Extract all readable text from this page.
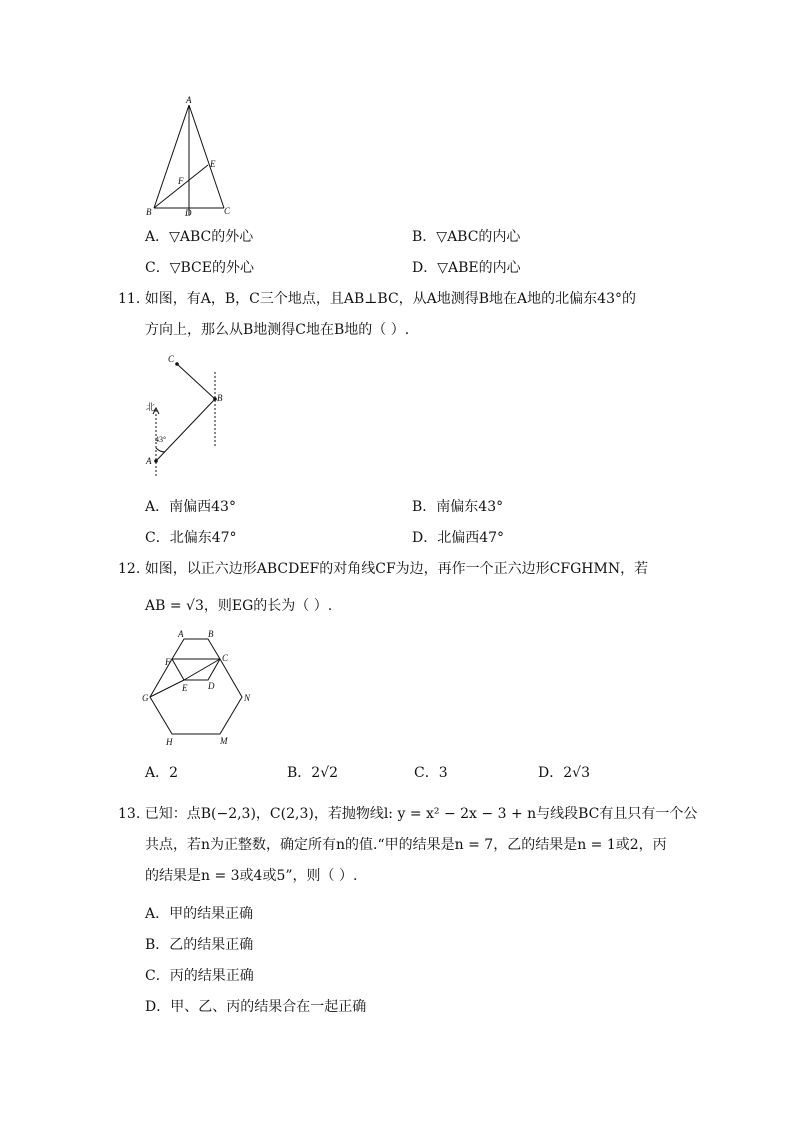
A
E
F
B	D	C
A．▽ABC的外心	B．▽ABC的内心
C．▽BCE的外心	D．▽ABE的内心
11. 如图，有A，B，C三个地点，且AB⊥BC，从A地测得B地在A地的北偏东43°的
方向上，那么从B地测得C地在B地的（ ）.
C
B
北
43°
A
A．南偏西43°	B．南偏东43°
C．北偏东47°	D．北偏西47°
12. 如图，以正六边形ABCDEF的对角线CF为边，再作一个正六边形CFGHMN，若
AB = √3，则EG的长为（ ）.
A	B
F	C
E D
G	N
H	M
A．2	B．2√2	C．3	D．2√3
13. 已知：点B(−2,3)，C(2,3)，若抛物线l: y = x² − 2x − 3 + n与线段BC有且只有一个公
共点，若n为正整数，确定所有n的值.“甲的结果是n = 7，乙的结果是n = 1或2，丙
的结果是n = 3或4或5”，则（ ）.
A．甲的结果正确
B．乙的结果正确
C．丙的结果正确
D．甲、乙、丙的结果合在一起正确
